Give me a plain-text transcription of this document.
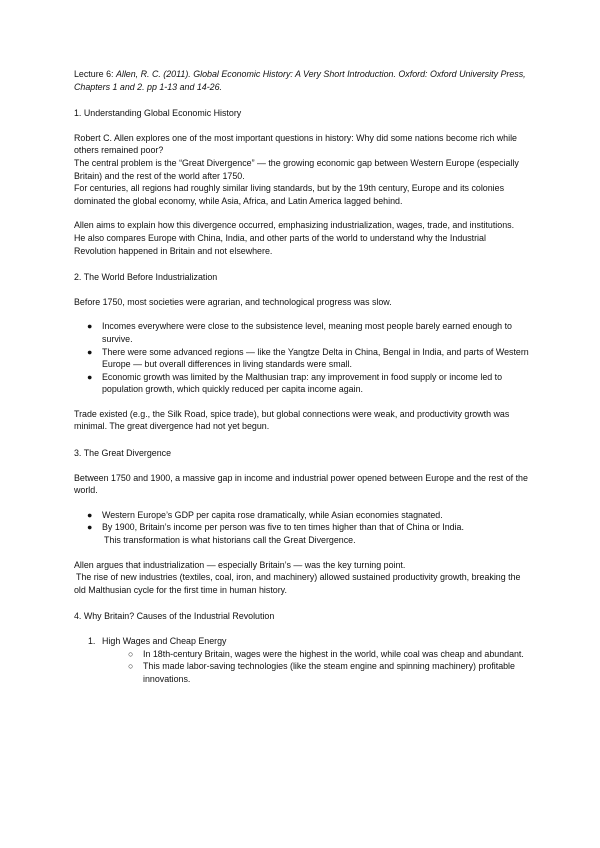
Lecture 6: Allen, R. C. (2011). Global Economic History: A Very Short Introduction. Oxford: Oxford University Press, Chapters 1 and 2. pp 1-13 and 14-26.

1. Understanding Global Economic History

Robert C. Allen explores one of the most important questions in history: Why did some nations become rich while others remained poor?

The central problem is the “Great Divergence” — the growing economic gap between Western Europe (especially Britain) and the rest of the world after 1750.

For centuries, all regions had roughly similar living standards, but by the 19th century, Europe and its colonies dominated the global economy, while Asia, Africa, and Latin America lagged behind.

Allen aims to explain how this divergence occurred, emphasizing industrialization, wages, trade, and institutions.

He also compares Europe with China, India, and other parts of the world to understand why the Industrial Revolution happened in Britain and not elsewhere.

2. The World Before Industrialization

Before 1750, most societies were agrarian, and technological progress was slow.

● Incomes everywhere were close to the subsistence level, meaning most people barely earned enough to survive.
● There were some advanced regions — like the Yangtze Delta in China, Bengal in India, and parts of Western Europe — but overall differences in living standards were small.
● Economic growth was limited by the Malthusian trap: any improvement in food supply or income led to population growth, which quickly reduced per capita income again.

Trade existed (e.g., the Silk Road, spice trade), but global connections were weak, and productivity growth was minimal. The great divergence had not yet begun.

3. The Great Divergence

Between 1750 and 1900, a massive gap in income and industrial power opened between Europe and the rest of the world.

● Western Europe’s GDP per capita rose dramatically, while Asian economies stagnated.
● By 1900, Britain’s income per person was five to ten times higher than that of China or India.

This transformation is what historians call the Great Divergence.

Allen argues that industrialization — especially Britain’s — was the key turning point.

The rise of new industries (textiles, coal, iron, and machinery) allowed sustained productivity growth, breaking the old Malthusian cycle for the first time in human history.

4. Why Britain? Causes of the Industrial Revolution

1. High Wages and Cheap Energy
○ In 18th-century Britain, wages were the highest in the world, while coal was cheap and abundant.
○ This made labor-saving technologies (like the steam engine and spinning machinery) profitable innovations.
